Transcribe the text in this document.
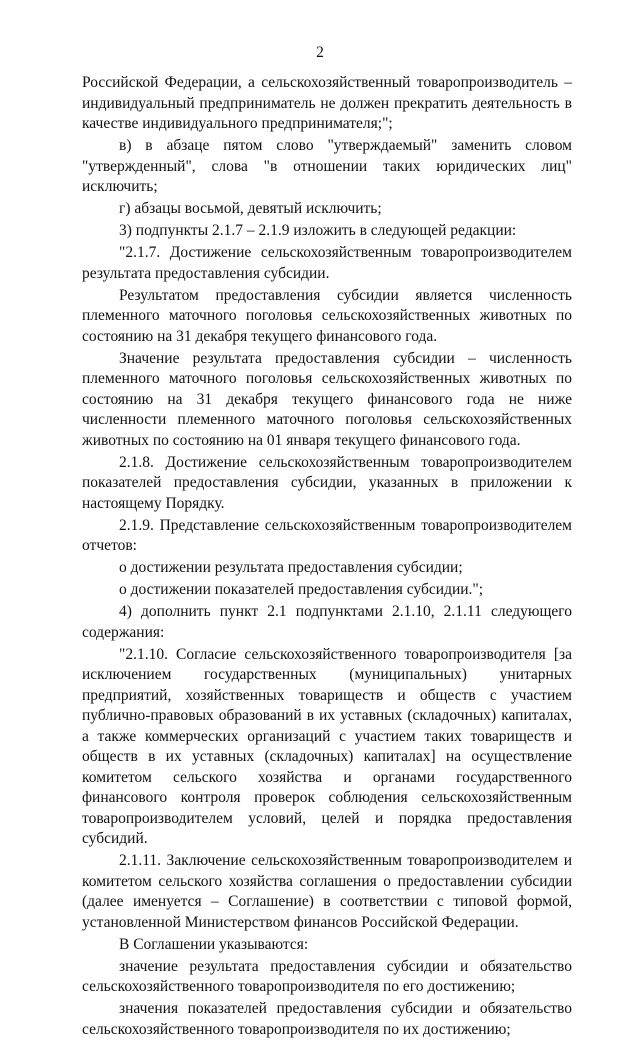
2

Российской Федерации, а сельскохозяйственный товаропроизводитель – индивидуальный предприниматель не должен прекратить деятельность в качестве индивидуального предпринимателя;";

в) в абзаце пятом слово "утверждаемый" заменить словом "утвержденный", слова "в отношении таких юридических лиц" исключить;

г) абзацы восьмой, девятый исключить;

3) подпункты 2.1.7 – 2.1.9 изложить в следующей редакции:

"2.1.7. Достижение сельскохозяйственным товаропроизводителем результата предоставления субсидии.

Результатом предоставления субсидии является численность племенного маточного поголовья сельскохозяйственных животных по состоянию на 31 декабря текущего финансового года.

Значение результата предоставления субсидии – численность племенного маточного поголовья сельскохозяйственных животных по состоянию на 31 декабря текущего финансового года не ниже численности племенного маточного поголовья сельскохозяйственных животных по состоянию на 01 января текущего финансового года.

2.1.8. Достижение сельскохозяйственным товаропроизводителем показателей предоставления субсидии, указанных в приложении к настоящему Порядку.

2.1.9. Представление сельскохозяйственным товаропроизводителем отчетов:

о достижении результата предоставления субсидии;

о достижении показателей предоставления субсидии.";

4) дополнить пункт 2.1 подпунктами 2.1.10, 2.1.11 следующего содержания:

"2.1.10. Согласие сельскохозяйственного товаропроизводителя [за исключением государственных (муниципальных) унитарных предприятий, хозяйственных товариществ и обществ с участием публично-правовых образований в их уставных (складочных) капиталах, а также коммерческих организаций с участием таких товариществ и обществ в их уставных (складочных) капиталах] на осуществление комитетом сельского хозяйства и органами государственного финансового контроля проверок соблюдения сельскохозяйственным товаропроизводителем условий, целей и порядка предоставления субсидий.

2.1.11. Заключение сельскохозяйственным товаропроизводителем и комитетом сельского хозяйства соглашения о предоставлении субсидии (далее именуется – Соглашение) в соответствии с типовой формой, установленной Министерством финансов Российской Федерации.

В Соглашении указываются:

значение результата предоставления субсидии и обязательство сельскохозяйственного товаропроизводителя по его достижению;

значения показателей предоставления субсидии и обязательство сельскохозяйственного товаропроизводителя по их достижению;
